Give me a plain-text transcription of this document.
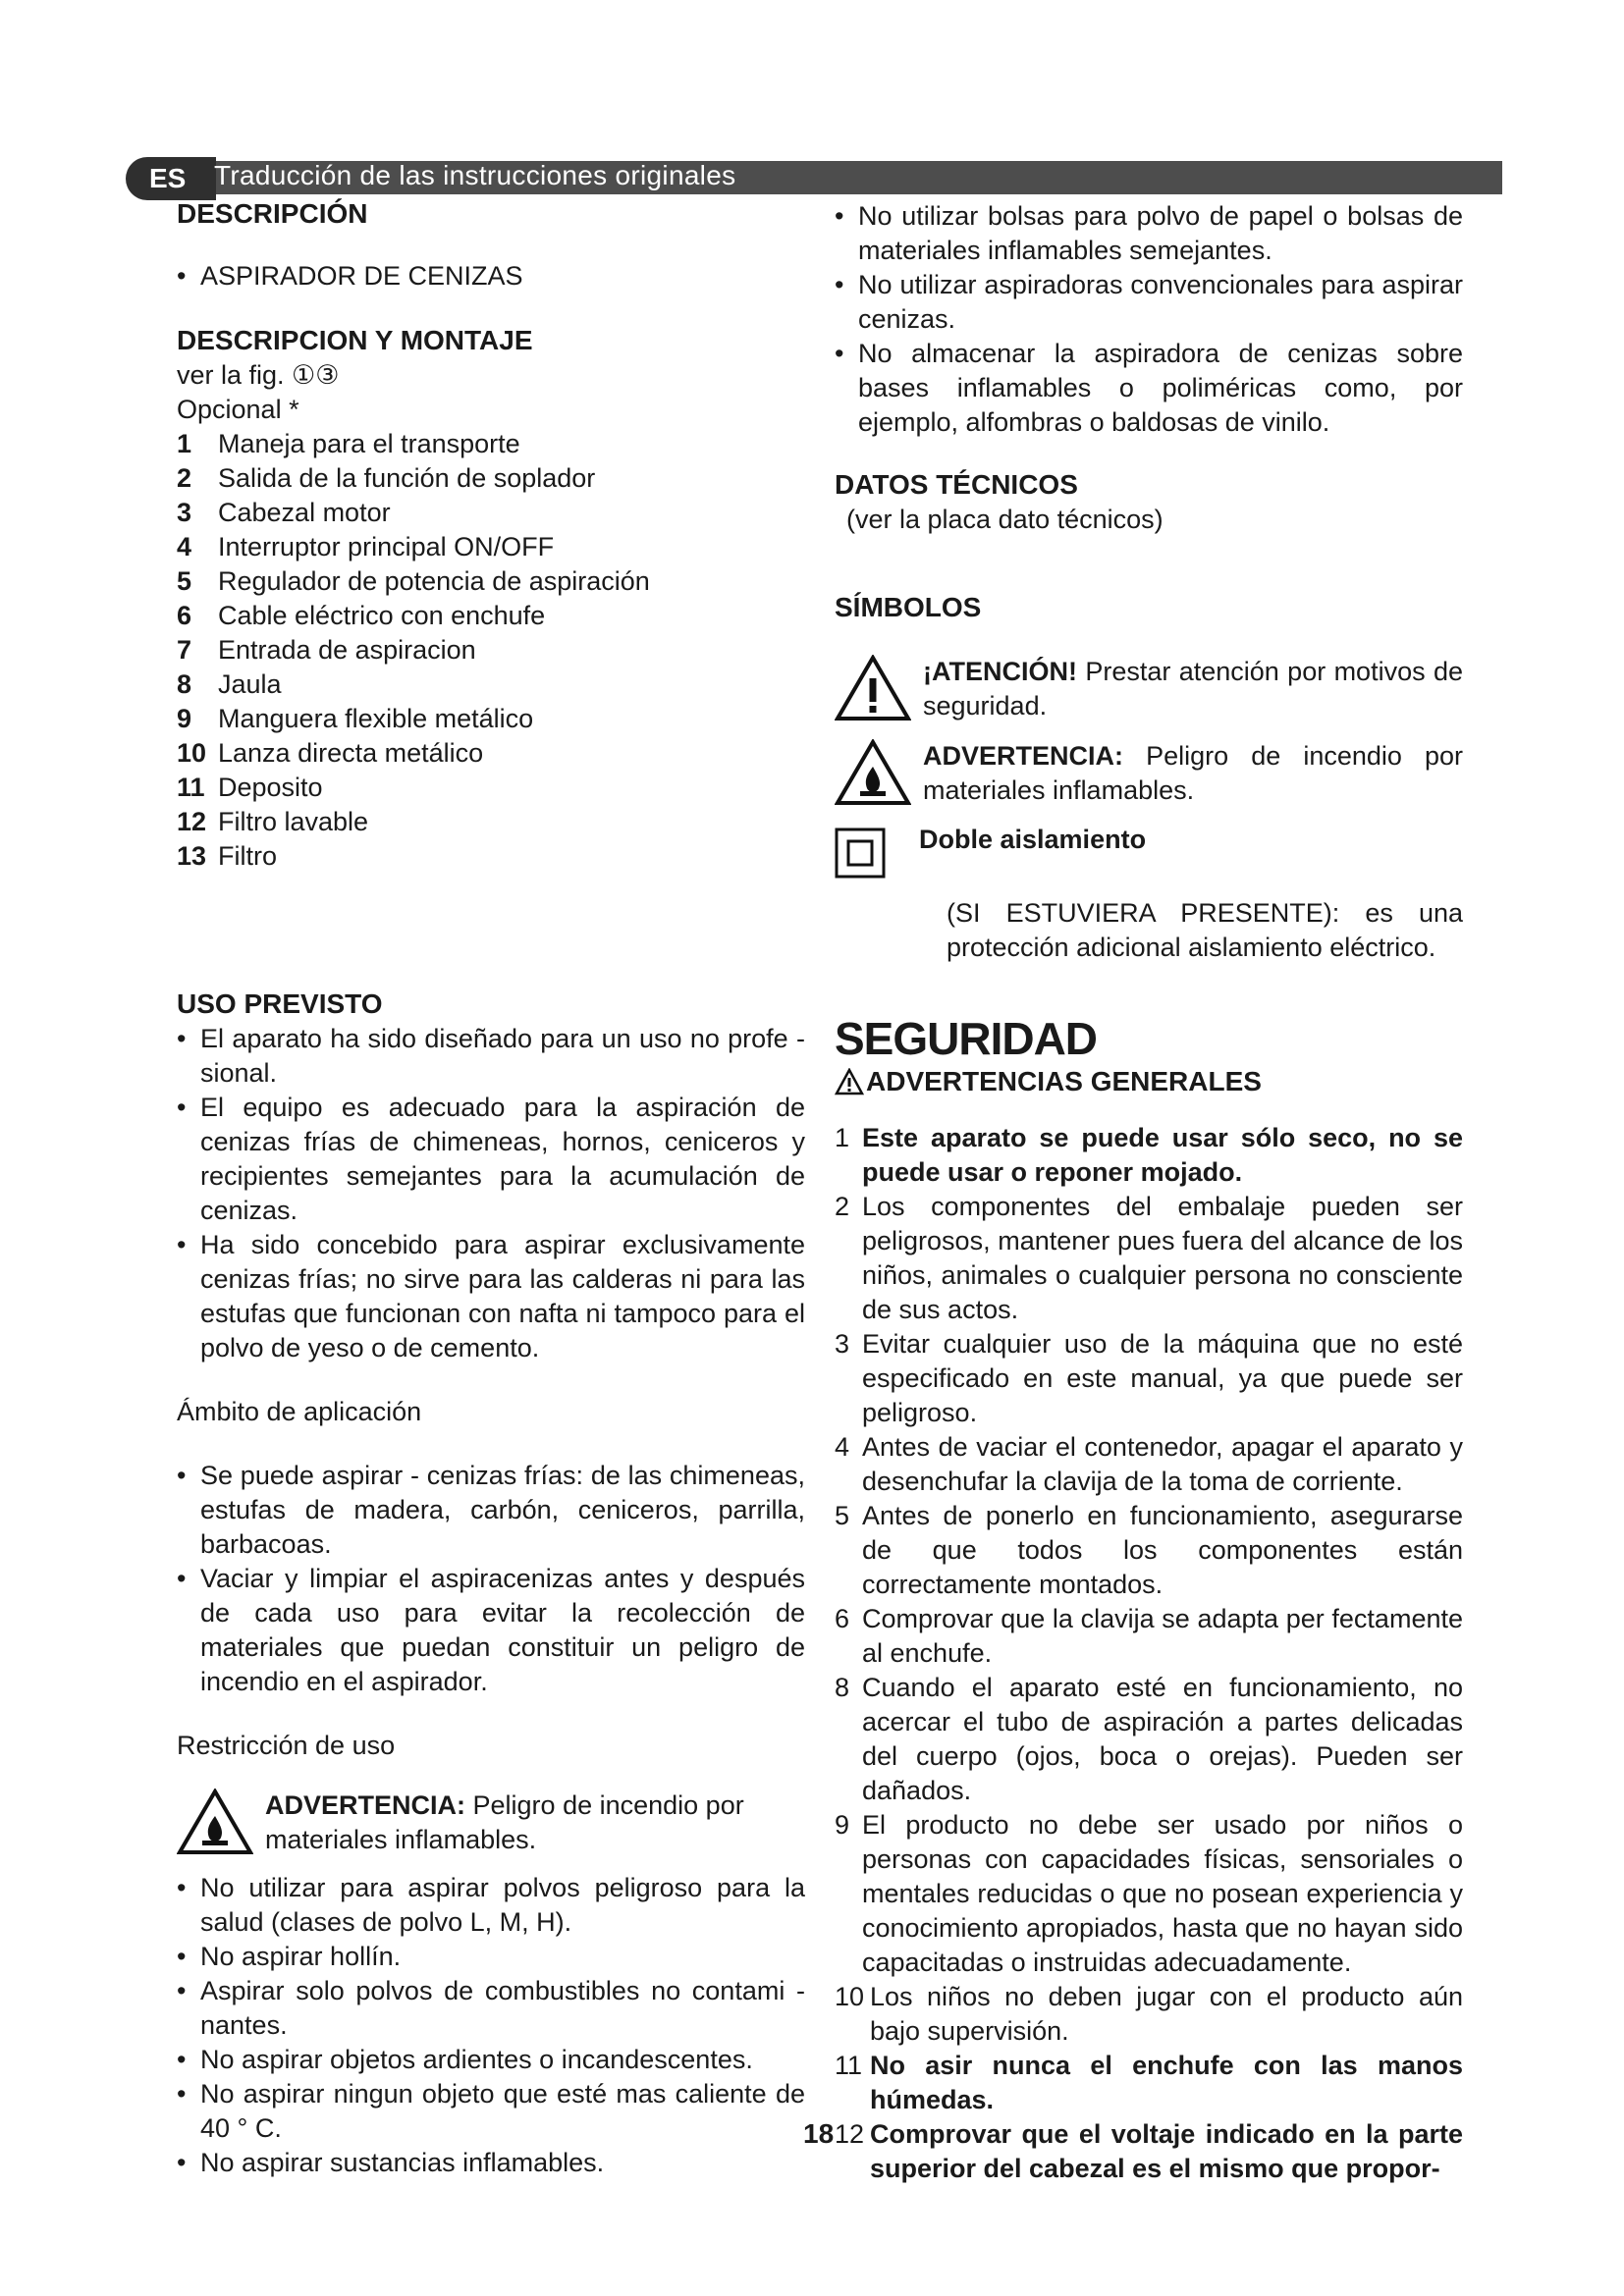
ES Traducción de las instrucciones originales

DESCRIPCIÓN

• ASPIRADOR DE CENIZAS

DESCRIPCION Y MONTAJE

ver la fig. ①③

Opcional *

1 Maneja para el transporte
2 Salida de la función de soplador
3 Cabezal motor
4 Interruptor principal ON/OFF
5 Regulador de potencia de aspiración
6 Cable eléctrico con enchufe
7 Entrada de aspiracion
8 Jaula
9 Manguera flexible metálico
10 Lanza directa metálico
11 Deposito
12 Filtro lavable
13 Filtro

USO PREVISTO

• El aparato ha sido diseñado para un uso no profe - sional.

• El equipo es adecuado para la aspiración de cenizas frías de chimeneas, hornos, ceniceros y recipientes semejantes para la acumulación de cenizas.

• Ha sido concebido para aspirar exclusivamente cenizas frías; no sirve para las calderas ni para las estufas que funcionan con nafta ni tampoco para el polvo de yeso o de cemento.

Ámbito de aplicación

• Se puede aspirar - cenizas frías: de las chimeneas, estufas de madera, carbón, ceniceros, parrilla, barbacoas.

• Vaciar y limpiar el aspiracenizas antes y después de cada uso para evitar la recolección de materiales que puedan constituir un peligro de incendio en el aspirador.

Restricción de uso

ADVERTENCIA: Peligro de incendio por materiales inflamables.

• No utilizar para aspirar polvos peligroso para la salud (clases de polvo L, M, H).

• No aspirar hollín.

• Aspirar solo polvos de combustibles no contami - nantes.

• No aspirar objetos ardientes o incandescentes.

• No aspirar ningun objeto que esté mas caliente de 40 ° C.

• No aspirar sustancias inflamables.

• No utilizar bolsas para polvo de papel o bolsas de materiales inflamables semejantes.

• No utilizar aspiradoras convencionales para aspirar cenizas.

• No almacenar la aspiradora de cenizas sobre bases inflamables o poliméricas como, por ejemplo, alfombras o baldosas de vinilo.

DATOS TÉCNICOS

(ver la placa dato técnicos)

SÍMBOLOS

¡ATENCIÓN! Prestar atención por motivos de seguridad.

ADVERTENCIA: Peligro de incendio por materiales inflamables.

Doble aislamiento

(SI ESTUVIERA PRESENTE): es una protección adicional aislamiento eléctrico.

SEGURIDAD

ADVERTENCIAS GENERALES

1 Este aparato se puede usar sólo seco, no se puede usar o reponer mojado.
2 Los componentes del embalaje pueden ser peligrosos, mantener pues fuera del alcance de los niños, animales o cualquier persona no consciente de sus actos.
3 Evitar cualquier uso de la máquina que no esté especificado en este manual, ya que puede ser peligroso.
4 Antes de vaciar el contenedor, apagar el aparato y desenchufar la clavija de la toma de corriente.
5 Antes de ponerlo en funcionamiento, asegurarse de que todos los componentes están correctamente montados.
6 Comprovar que la clavija se adapta per fectamente al enchufe.
8 Cuando el aparato esté en funcionamiento, no acercar el tubo de aspiración a partes delicadas del cuerpo (ojos, boca o orejas). Pueden ser dañados.
9 El producto no debe ser usado por niños o personas con capacidades físicas, sensoriales o mentales reducidas o que no posean experiencia y conocimiento apropiados, hasta que no hayan sido capacitadas o instruidas adecuadamente.
10 Los niños no deben jugar con el producto aún bajo supervisión.
11 No asir nunca el enchufe con las manos húmedas.
12 Comprovar que el voltaje indicado en la parte superior del cabezal es el mismo que propor-
18
